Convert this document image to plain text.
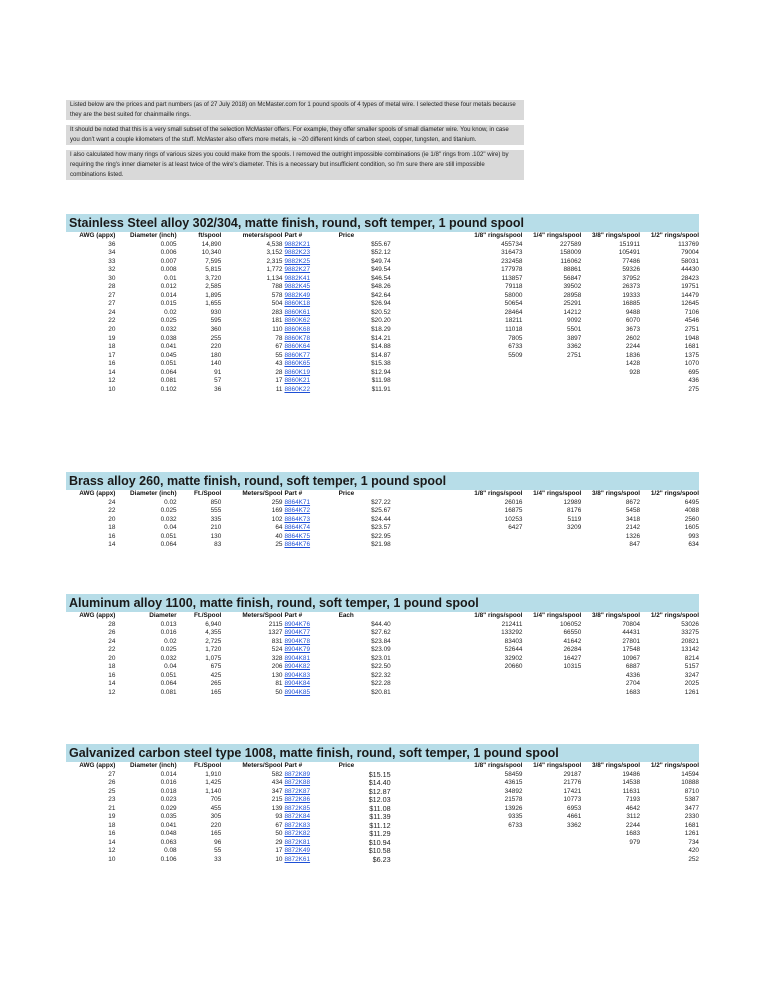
Listed below are the prices and part numbers (as of 27 July 2018) on McMaster.com for 1 pound spools of 4 types of metal wire. I selected these four metals because they are the best suited for chainmaille rings.
It should be noted that this is a very small subset of the selection McMaster offers. For example, they offer smaller spools of small diameter wire. You know, in case you don't want a couple kilometers of the stuff. McMaster also offers more metals, ie ~20 different kinds of carbon steel, copper, tungsten, and titanium.
I also calculated how many rings of various sizes you could make from the spools. I removed the outright impossible combinations (ie 1/8" rings from .102" wire) by requiring the ring's inner diameter is at least twice of the wire's diameter. This is a necessary but insufficient condition, so I'm sure there are still impossible combinations listed.
Stainless Steel alloy 302/304, matte finish, round, soft temper, 1 pound spool
AWG (appx)	Diameter (inch)	ft/spool	meters/spool	Part #	Price	1/8" rings/spool	1/4" rings/spool	3/8" rings/spool	1/2" rings/spool
36	0.005	14,890	4,538	9882K21	$55.67	455734	227589	151911	113769
34	0.006	10,340	3,152	9882K23	$52.12	316473	158009	105491	79004
33	0.007	7,595	2,315	9882K25	$49.74	232458	116062	77486	58031
32	0.008	5,815	1,772	9882K27	$49.54	177978	88861	59326	44430
30	0.01	3,720	1,134	9882K41	$46.54	113857	56847	37952	28423
28	0.012	2,585	788	9882K45	$48.26	79118	39502	26373	19751
27	0.014	1,895	578	9882K49	$42.64	58000	28958	19333	14479
27	0.015	1,655	504	8860K18	$26.94	50654	25291	16885	12645
24	0.02	930	283	8860K61	$20.52	28464	14212	9488	7106
22	0.025	595	181	8860K62	$20.20	18211	9092	6070	4546
20	0.032	360	110	8860K68	$18.29	11018	5501	3673	2751
19	0.038	255	78	8860K78	$14.21	7805	3897	2602	1948
18	0.041	220	67	8860K64	$14.88	6733	3362	2244	1681
17	0.045	180	55	8860K77	$14.87	5509	2751	1836	1375
16	0.051	140	43	8860K65	$15.38			1428	1070
14	0.064	91	28	8860K19	$12.94			928	695
12	0.081	57	17	8860K21	$11.98				436
10	0.102	36	11	8860K22	$11.91				275
Brass alloy 260, matte finish, round, soft temper, 1 pound spool
AWG (appx)	Diameter (inch)	Ft./Spool	Meters/Spool	Part #	Price	1/8" rings/spool	1/4" rings/spool	3/8" rings/spool	1/2" rings/spool
24	0.02	850	259	8864K71	$27.22	26016	12989	8672	6495
22	0.025	555	169	8864K72	$25.67	16875	8176	5458	4088
20	0.032	335	102	8864K73	$24.44	10253	5119	3418	2560
18	0.04	210	64	8864K74	$23.57	6427	3209	2142	1605
16	0.051	130	40	8864K75	$22.95			1326	993
14	0.064	83	25	8864K76	$21.98			847	634
Aluminum alloy 1100, matte finish, round, soft temper, 1 pound spool
AWG (appx)	Diameter	Ft./Spool	Meters/Spool	Part #	Each	1/8" rings/spool	1/4" rings/spool	3/8" rings/spool	1/2" rings/spool
28	0.013	6,940	2115	8904K76	$44.40	212411	106052	70804	53026
26	0.016	4,355	1327	8904K77	$27.62	133292	66550	44431	33275
24	0.02	2,725	831	8904K78	$23.84	83403	41642	27801	20821
22	0.025	1,720	524	8904K79	$23.09	52644	26284	17548	13142
20	0.032	1,075	328	8904K81	$23.01	32902	16427	10967	8214
18	0.04	675	206	8904K82	$22.50	20660	10315	6887	5157
16	0.051	425	130	8904K83	$22.32			4336	3247
14	0.064	265	81	8904K84	$22.28			2704	2025
12	0.081	165	50	8904K85	$20.81			1683	1261
Galvanized carbon steel type 1008, matte finish, round, soft temper, 1 pound spool
AWG (appx)	Diameter (inch)	Ft./Spool	Meters/Spool	Part #	Price	1/8" rings/spool	1/4" rings/spool	3/8" rings/spool	1/2" rings/spool
27	0.014	1,910	582	8872K89	$15.15	58459	29187	19486	14594
26	0.016	1,425	434	8872K88	$14.40	43615	21776	14538	10888
25	0.018	1,140	347	8872K87	$12.87	34892	17421	11631	8710
23	0.023	705	215	8872K86	$12.03	21578	10773	7193	5387
21	0.029	455	139	8872K85	$11.08	13926	6953	4642	3477
19	0.035	305	93	8872K84	$11.39	9335	4661	3112	2330
18	0.041	220	67	8872K83	$11.12	6733	3362	2244	1681
16	0.048	165	50	8872K82	$11.29			1683	1261
14	0.063	96	29	8872K81	$10.94			979	734
12	0.08	55	17	8872K49	$10.58				420
10	0.106	33	10	8872K61	$6.23				252
